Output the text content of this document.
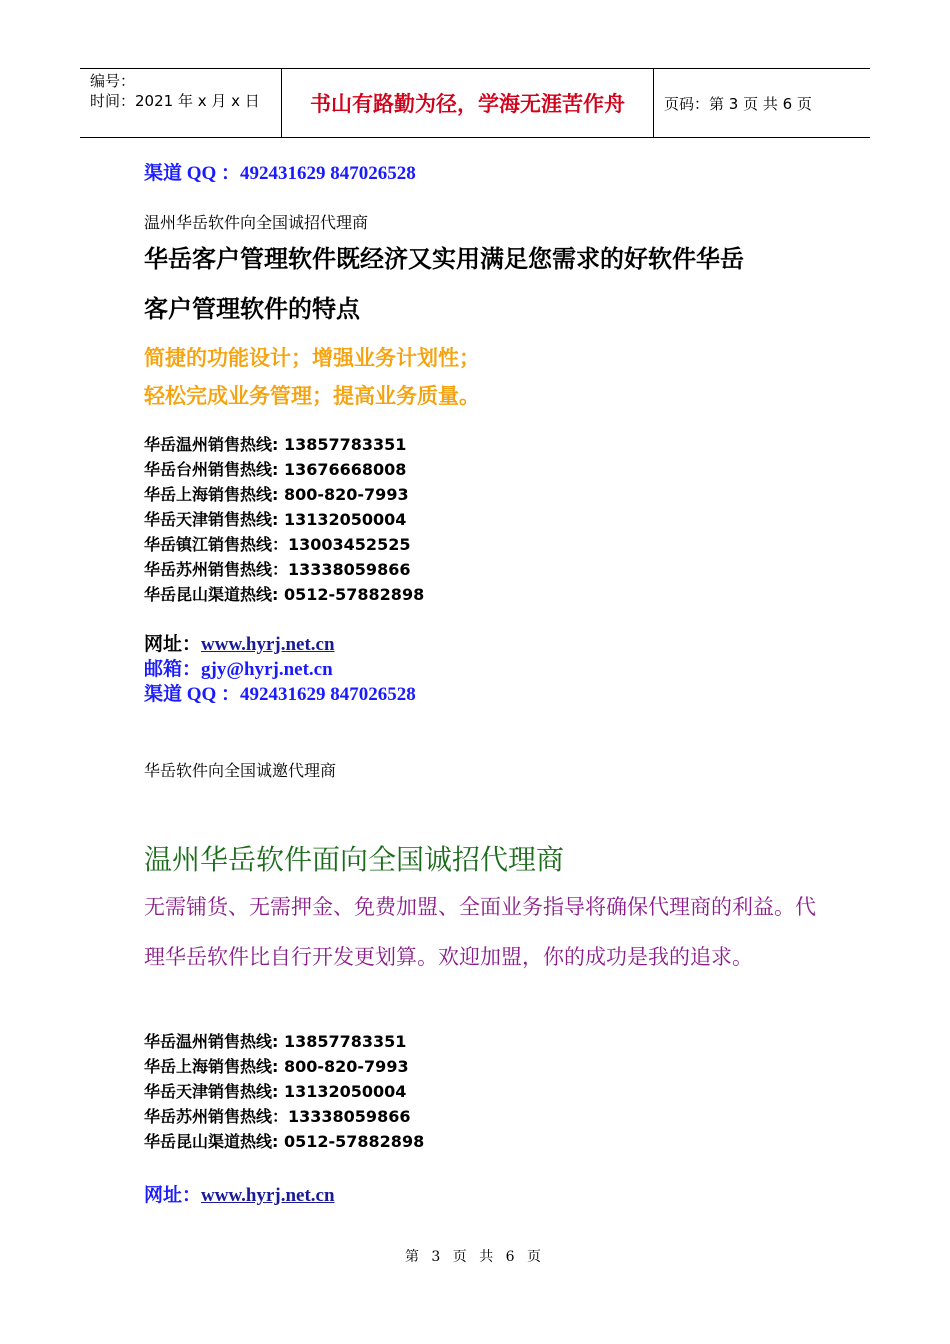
编号：
时间：2021 年 x 月 x 日	书山有路勤为径，学海无涯苦作舟	页码：第 3 页 共 6 页
渠道 QQ ：492431629 847026528
温州华岳软件向全国诚招代理商
华岳客户管理软件既经济又实用满足您需求的好软件华岳
客户管理软件的特点
简捷的功能设计；增强业务计划性；
轻松完成业务管理；提高业务质量。
华岳温州销售热线: 13857783351
华岳台州销售热线: 13676668008
华岳上海销售热线: 800-820-7993
华岳天津销售热线: 13132050004
华岳镇江销售热线：13003452525
华岳苏州销售热线：13338059866
华岳昆山渠道热线: 0512-57882898
网址：www.hyrj.net.cn
邮箱：gjy@hyrj.net.cn
渠道 QQ ：492431629 847026528
华岳软件向全国诚邀代理商
温州华岳软件面向全国诚招代理商
无需铺货、无需押金、免费加盟、全面业务指导将确保代理商的利益。代理华岳软件比自行开发更划算。欢迎加盟，你的成功是我的追求。
华岳温州销售热线: 13857783351
华岳上海销售热线: 800-820-7993
华岳天津销售热线: 13132050004
华岳苏州销售热线：13338059866
华岳昆山渠道热线: 0512-57882898
网址：www.hyrj.net.cn
第 3 页 共 6 页
